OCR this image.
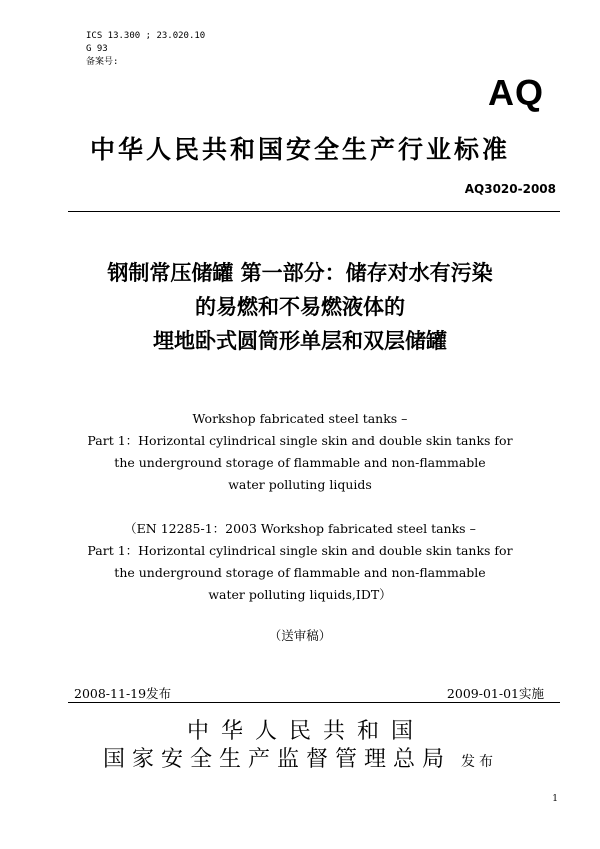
ICS 13.300 ; 23.020.10
G 93
备案号:
AQ
中华人民共和国安全生产行业标准
AQ3020-2008
钢制常压储罐 第一部分：储存对水有污染
的易燃和不易燃液体的
埋地卧式圆筒形单层和双层储罐
Workshop fabricated steel tanks –
Part 1：Horizontal cylindrical single skin and double skin tanks for
the underground storage of flammable and non-flammable
water polluting liquids
（EN 12285-1：2003 Workshop fabricated steel tanks –
Part 1：Horizontal cylindrical single skin and double skin tanks for
the underground storage of flammable and non-flammable
water polluting liquids,IDT）
（送审稿）
2008-11-19发布	2009-01-01实施
中华人民共和国
国家安全生产监督管理总局 发布
1
